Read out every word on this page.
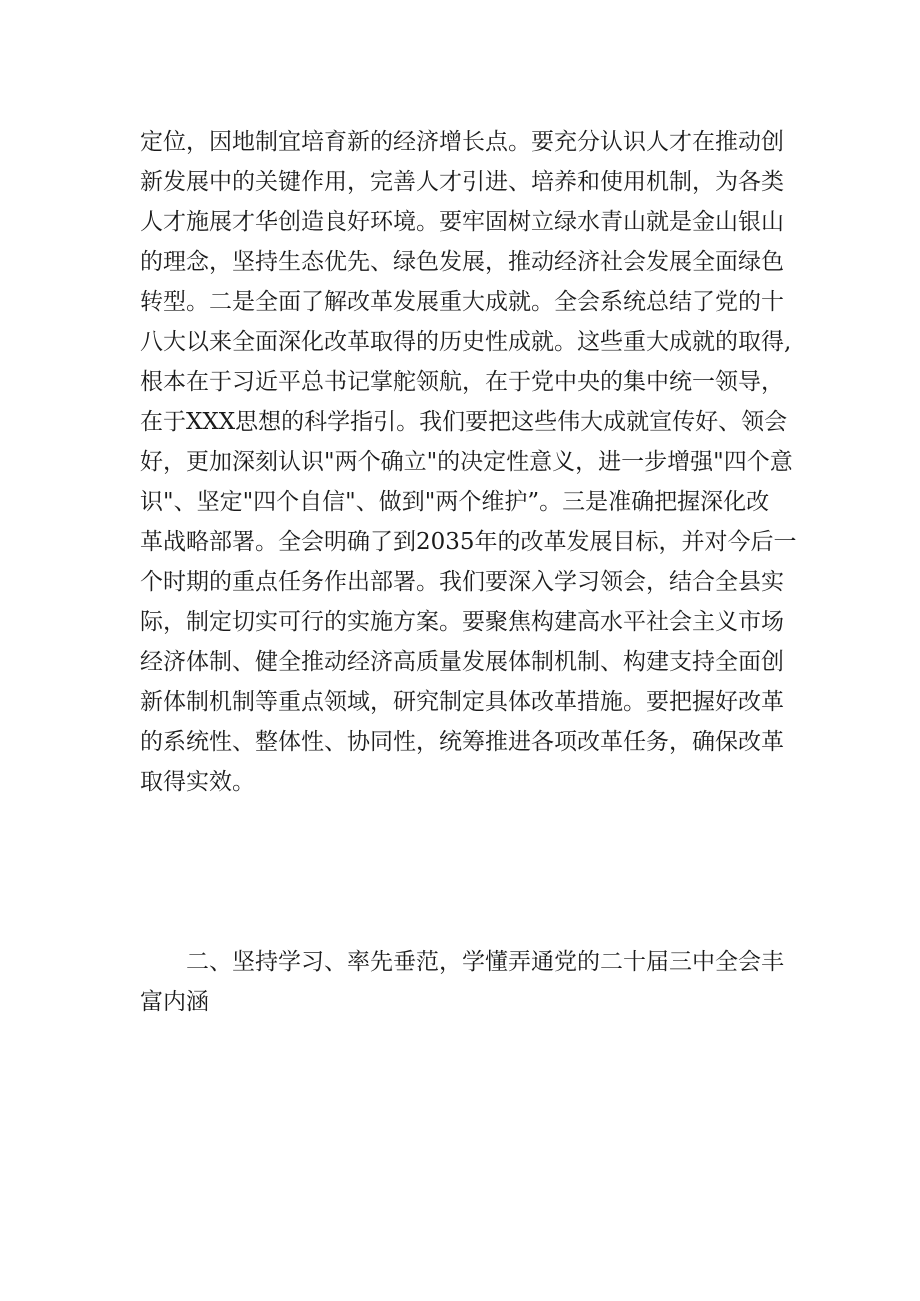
定位，因地制宜培育新的经济增长点。要充分认识人才在推动创
新发展中的关键作用，完善人才引进、培养和使用机制，为各类
人才施展才华创造良好环境。要牢固树立绿水青山就是金山银山
的理念，坚持生态优先、绿色发展，推动经济社会发展全面绿色
转型。二是全面了解改革发展重大成就。全会系统总结了党的十
八大以来全面深化改革取得的历史性成就。这些重大成就的取得,
根本在于习近平总书记掌舵领航，在于党中央的集中统一领导，
在于XXX思想的科学指引。我们要把这些伟大成就宣传好、领会
好，更加深刻认识"两个确立"的决定性意义，进一步增强"四个意
识"、坚定"四个自信"、做到"两个维护”。三是准确把握深化改
革战略部署。全会明确了到2035年的改革发展目标，并对今后一
个时期的重点任务作出部署。我们要深入学习领会，结合全县实
际，制定切实可行的实施方案。要聚焦构建高水平社会主义市场
经济体制、健全推动经济高质量发展体制机制、构建支持全面创
新体制机制等重点领域，研究制定具体改革措施。要把握好改革
的系统性、整体性、协同性，统筹推进各项改革任务，确保改革
取得实效。
二、坚持学习、率先垂范，学懂弄通党的二十届三中全会丰
富内涵
